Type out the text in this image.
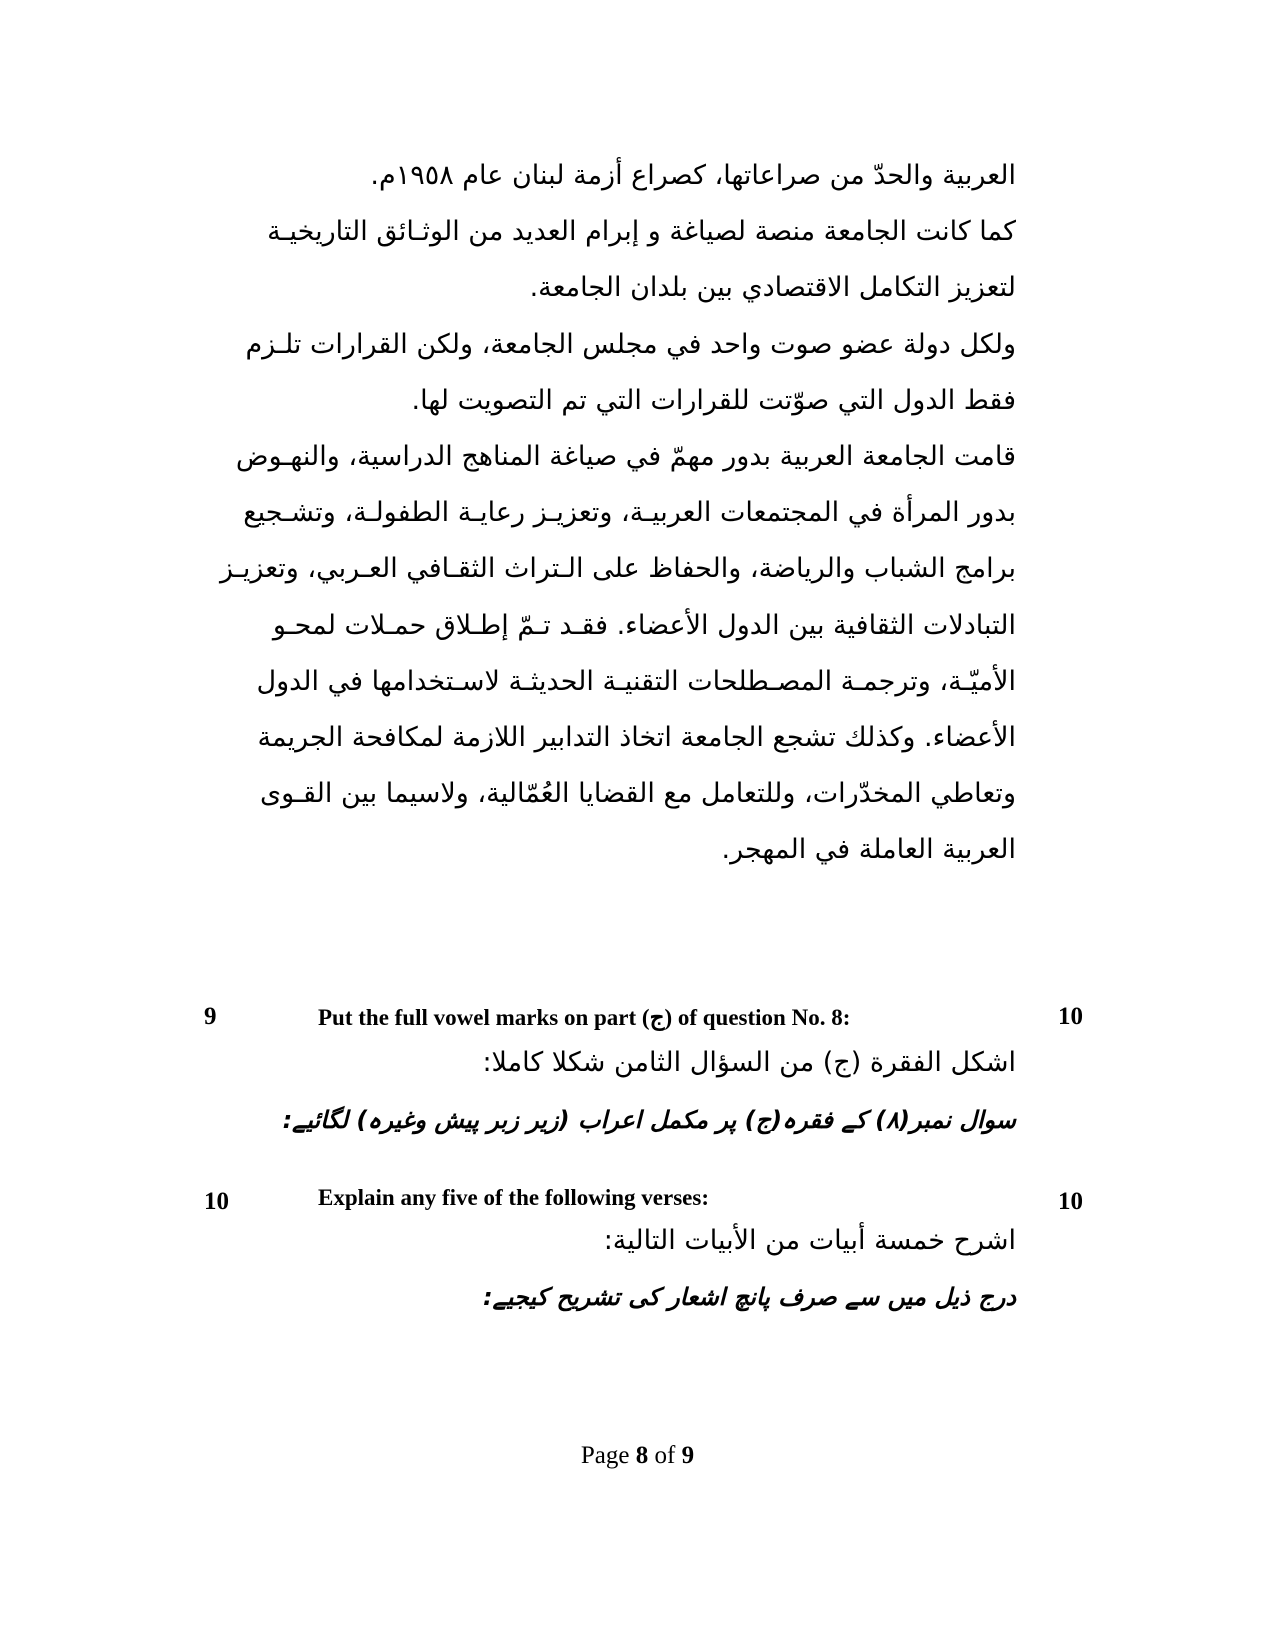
العربية والحدّ من صراعاتها، كصراع أزمة لبنان عام ١٩٥٨م.
كما كانت الجامعة منصة لصياغة و إبرام العديد من الوثـائق التاريخيـة
لتعزيز التكامل الاقتصادي بين بلدان الجامعة.
ولكل دولة عضو صوت واحد في مجلس الجامعة، ولكن القرارات تلـزم
فقط الدول التي صوّتت للقرارات التي تم التصويت لها.
قامت الجامعة العربية بدور مهمّ في صياغة المناهج الدراسية، والنهـوض
بدور المرأة في المجتمعات العربيـة، وتعزيـز رعايـة الطفولـة، وتشـجيع
برامج الشباب والرياضة، والحفاظ على الـتراث الثقـافي العـربي، وتعزيـز
التبادلات الثقافية بين الدول الأعضاء. فقـد تـمّ إطـلاق حمـلات لمحـو
الأميّـة، وترجمـة المصـطلحات التقنيـة الحديثـة لاسـتخدامها في الدول
الأعضاء. وكذلك تشجع الجامعة اتخاذ التدابير اللازمة لمكافحة الجريمة
وتعاطي المخدّرات، وللتعامل مع القضايا العُمّالية، ولاسيما بين القـوى
العربية العاملة في المهجر.
9	Put the full vowel marks on part (ج) of question No. 8:	10
اشكل الفقرة (ج) من السؤال الثامن شكلا كاملا:
سوال نمبر(٨) کے فقرہ(ج) پر مکمل اعراب (زیر زبر پیش وغیرہ) لگائیے:
10	Explain any five of the following verses:	10
اشرح خمسة أبيات من الأبيات التالية:
درج ذیل میں سے صرف پانچ اشعار کی تشریح کیجیے:
Page 8 of 9
